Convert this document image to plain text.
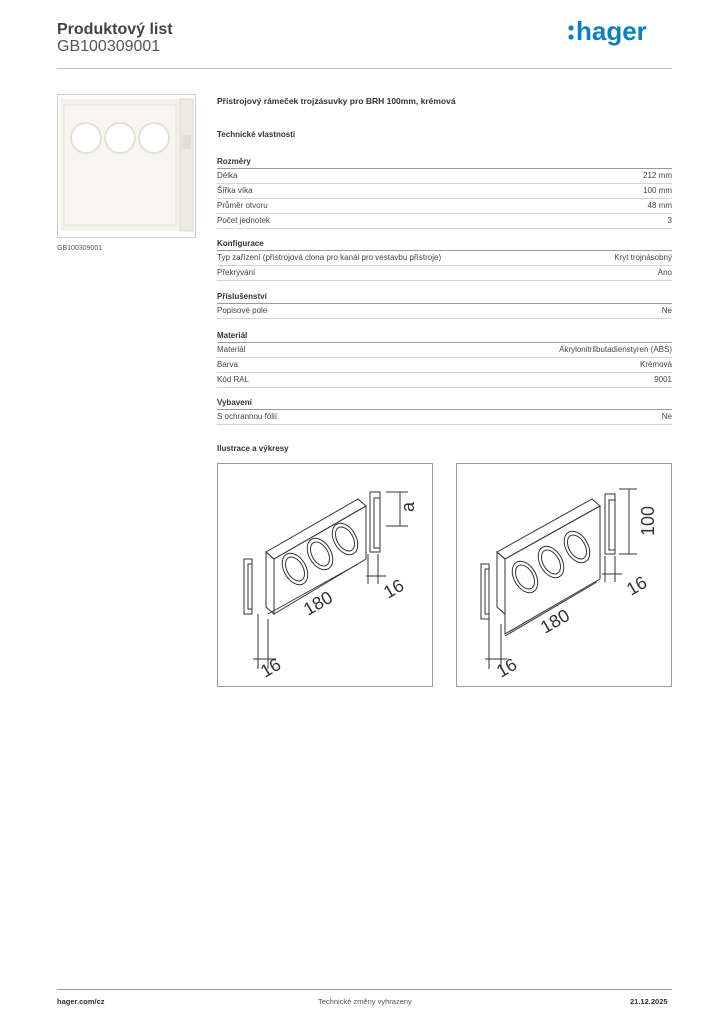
Produktový list
GB100309001
hager
GB100309001
Přístrojový rámeček trojzásuvky pro BRH 100mm, krémová
Technické vlastnosti
Rozměry
Délka	212 mm
Šířka víka	100 mm
Průměr otvoru	48 mm
Počet jednotek	3
Konfigurace
Typ zařízení (přístrojová clona pro kanál pro vestavbu přístroje)	Kryt trojnásobný
Překrývání	Ano
Příslušenství
Popisové pole	Ne
Materiál
Materiál	Akrylonitrilbutadienstyren (ABS)
Barva	Krémová
Kód RAL	9001
Vybavení
S ochrannou fólií	Ne
Ilustrace a výkresy
16
180 16
a
16
180
16
100
hager.com/cz	Technické změny vyhrazeny	21.12.2025
